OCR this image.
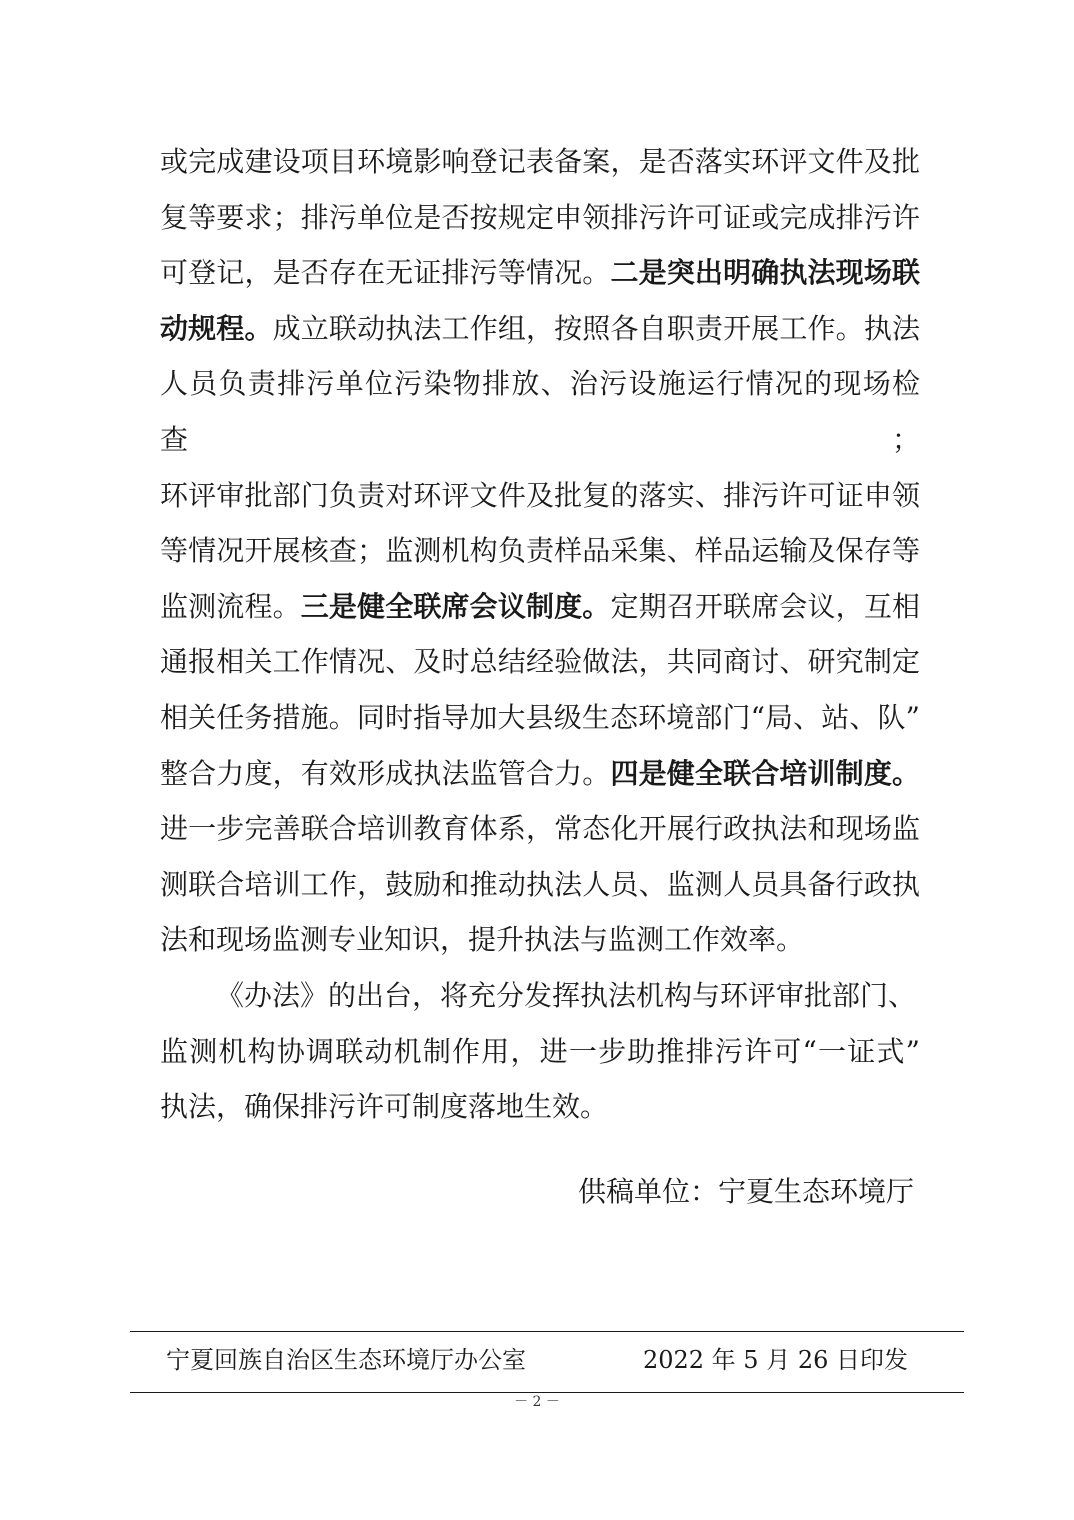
或完成建设项目环境影响登记表备案，是否落实环评文件及批

复等要求；排污单位是否按规定申领排污许可证或完成排污许

可登记，是否存在无证排污等情况。二是突出明确执法现场联

动规程。成立联动执法工作组，按照各自职责开展工作。执法

人员负责排污单位污染物排放、治污设施运行情况的现场检查；

环评审批部门负责对环评文件及批复的落实、排污许可证申领

等情况开展核查；监测机构负责样品采集、样品运输及保存等

监测流程。三是健全联席会议制度。定期召开联席会议，互相

通报相关工作情况、及时总结经验做法，共同商讨、研究制定

相关任务措施。同时指导加大县级生态环境部门“局、站、队”

整合力度，有效形成执法监管合力。四是健全联合培训制度。

进一步完善联合培训教育体系，常态化开展行政执法和现场监

测联合培训工作，鼓励和推动执法人员、监测人员具备行政执

法和现场监测专业知识，提升执法与监测工作效率。

《办法》的出台，将充分发挥执法机构与环评审批部门、

监测机构协调联动机制作用，进一步助推排污许可“一证式”

执法，确保排污许可制度落地生效。

供稿单位：宁夏生态环境厅
宁夏回族自治区生态环境厅办公室	2022 年 5 月 26 日印发
－ 2 －
